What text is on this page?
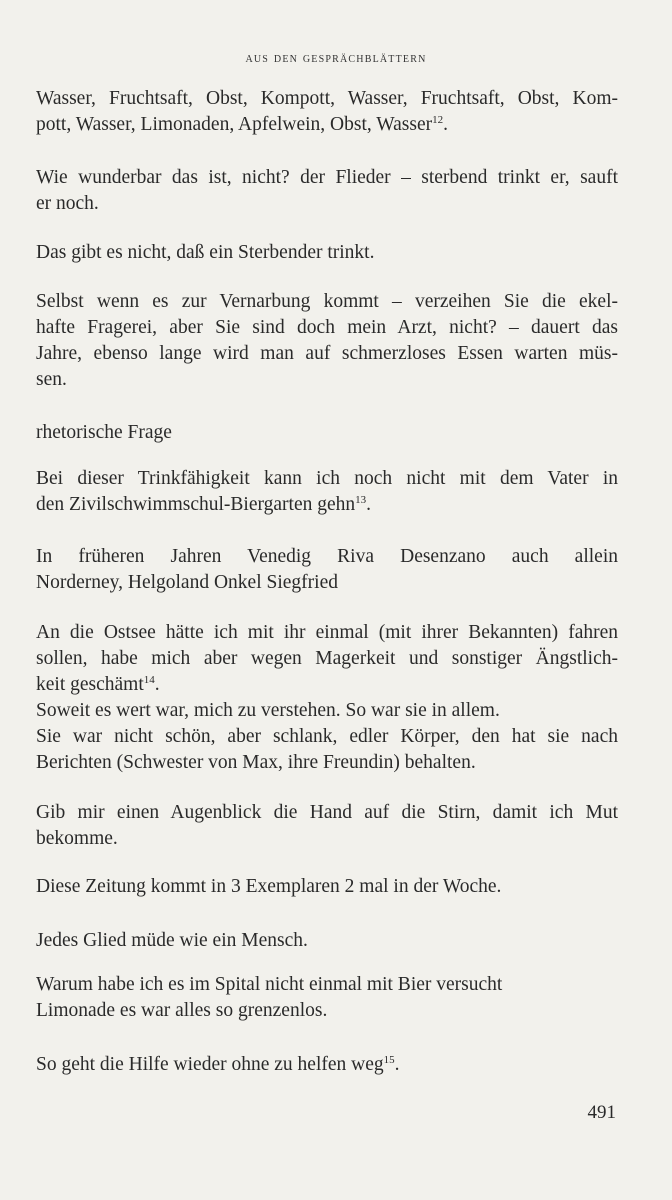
aus den gesprächblättern
Wasser, Fruchtsaft, Obst, Kompott, Wasser, Fruchtsaft, Obst, Kom-
pott, Wasser, Limonaden, Apfelwein, Obst, Wasser$^{12}$.
Wie wunderbar das ist, nicht? der Flieder – sterbend trinkt er, sauft
er noch.
Das gibt es nicht, daß ein Sterbender trinkt.
Selbst wenn es zur Vernarbung kommt – verzeihen Sie die ekel-
hafte Fragerei, aber Sie sind doch mein Arzt, nicht? – dauert das
Jahre, ebenso lange wird man auf schmerzloses Essen warten müs-
sen.
rhetorische Frage
Bei dieser Trinkfähigkeit kann ich noch nicht mit dem Vater in
den Zivilschwimmschul-Biergarten gehn$^{13}$.
In früheren Jahren Venedig Riva Desenzano auch allein
Norderney, Helgoland Onkel Siegfried
An die Ostsee hätte ich mit ihr einmal (mit ihrer Bekannten) fahren
sollen, habe mich aber wegen Magerkeit und sonstiger Ängstlich-
keit geschämt$^{14}$.
Soweit es wert war, mich zu verstehen. So war sie in allem.
Sie war nicht schön, aber schlank, edler Körper, den hat sie nach
Berichten (Schwester von Max, ihre Freundin) behalten.
Gib mir einen Augenblick die Hand auf die Stirn, damit ich Mut
bekomme.
Diese Zeitung kommt in 3 Exemplaren 2 mal in der Woche.
Jedes Glied müde wie ein Mensch.
Warum habe ich es im Spital nicht einmal mit Bier versucht
Limonade es war alles so grenzenlos.
So geht die Hilfe wieder ohne zu helfen weg$^{15}$.
491
